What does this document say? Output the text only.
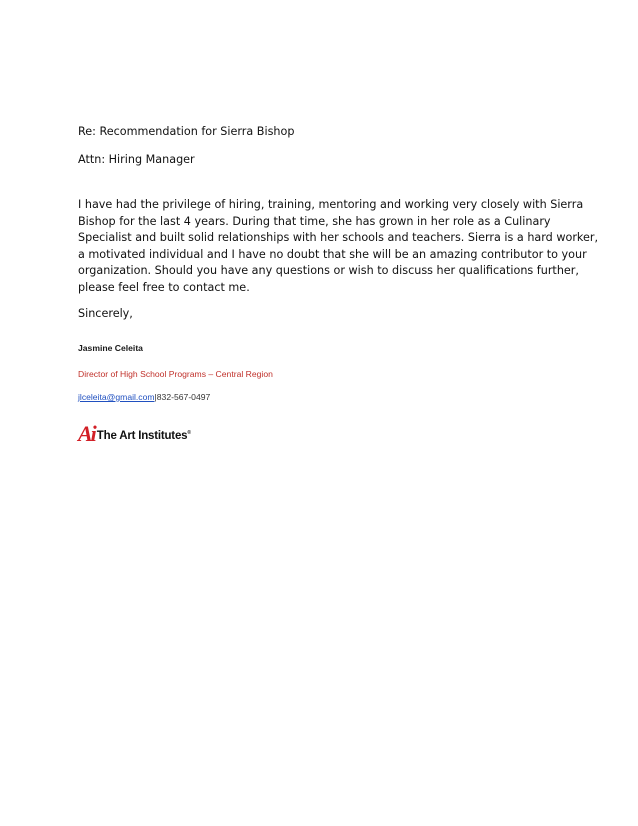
Re: Recommendation for Sierra Bishop
Attn: Hiring Manager
I have had the privilege of hiring, training, mentoring and working very closely with Sierra
Bishop for the last 4 years. During that time, she has grown in her role as a Culinary
Specialist and built solid relationships with her schools and teachers. Sierra is a hard worker,
a motivated individual and I have no doubt that she will be an amazing contributor to your
organization. Should you have any questions or wish to discuss her qualifications further,
please feel free to contact me.
Sincerely,
Jasmine Celeita
Director of High School Programs – Central Region
jlceleita@gmail.com|832-567-0497
Ai The Art Institutes®
